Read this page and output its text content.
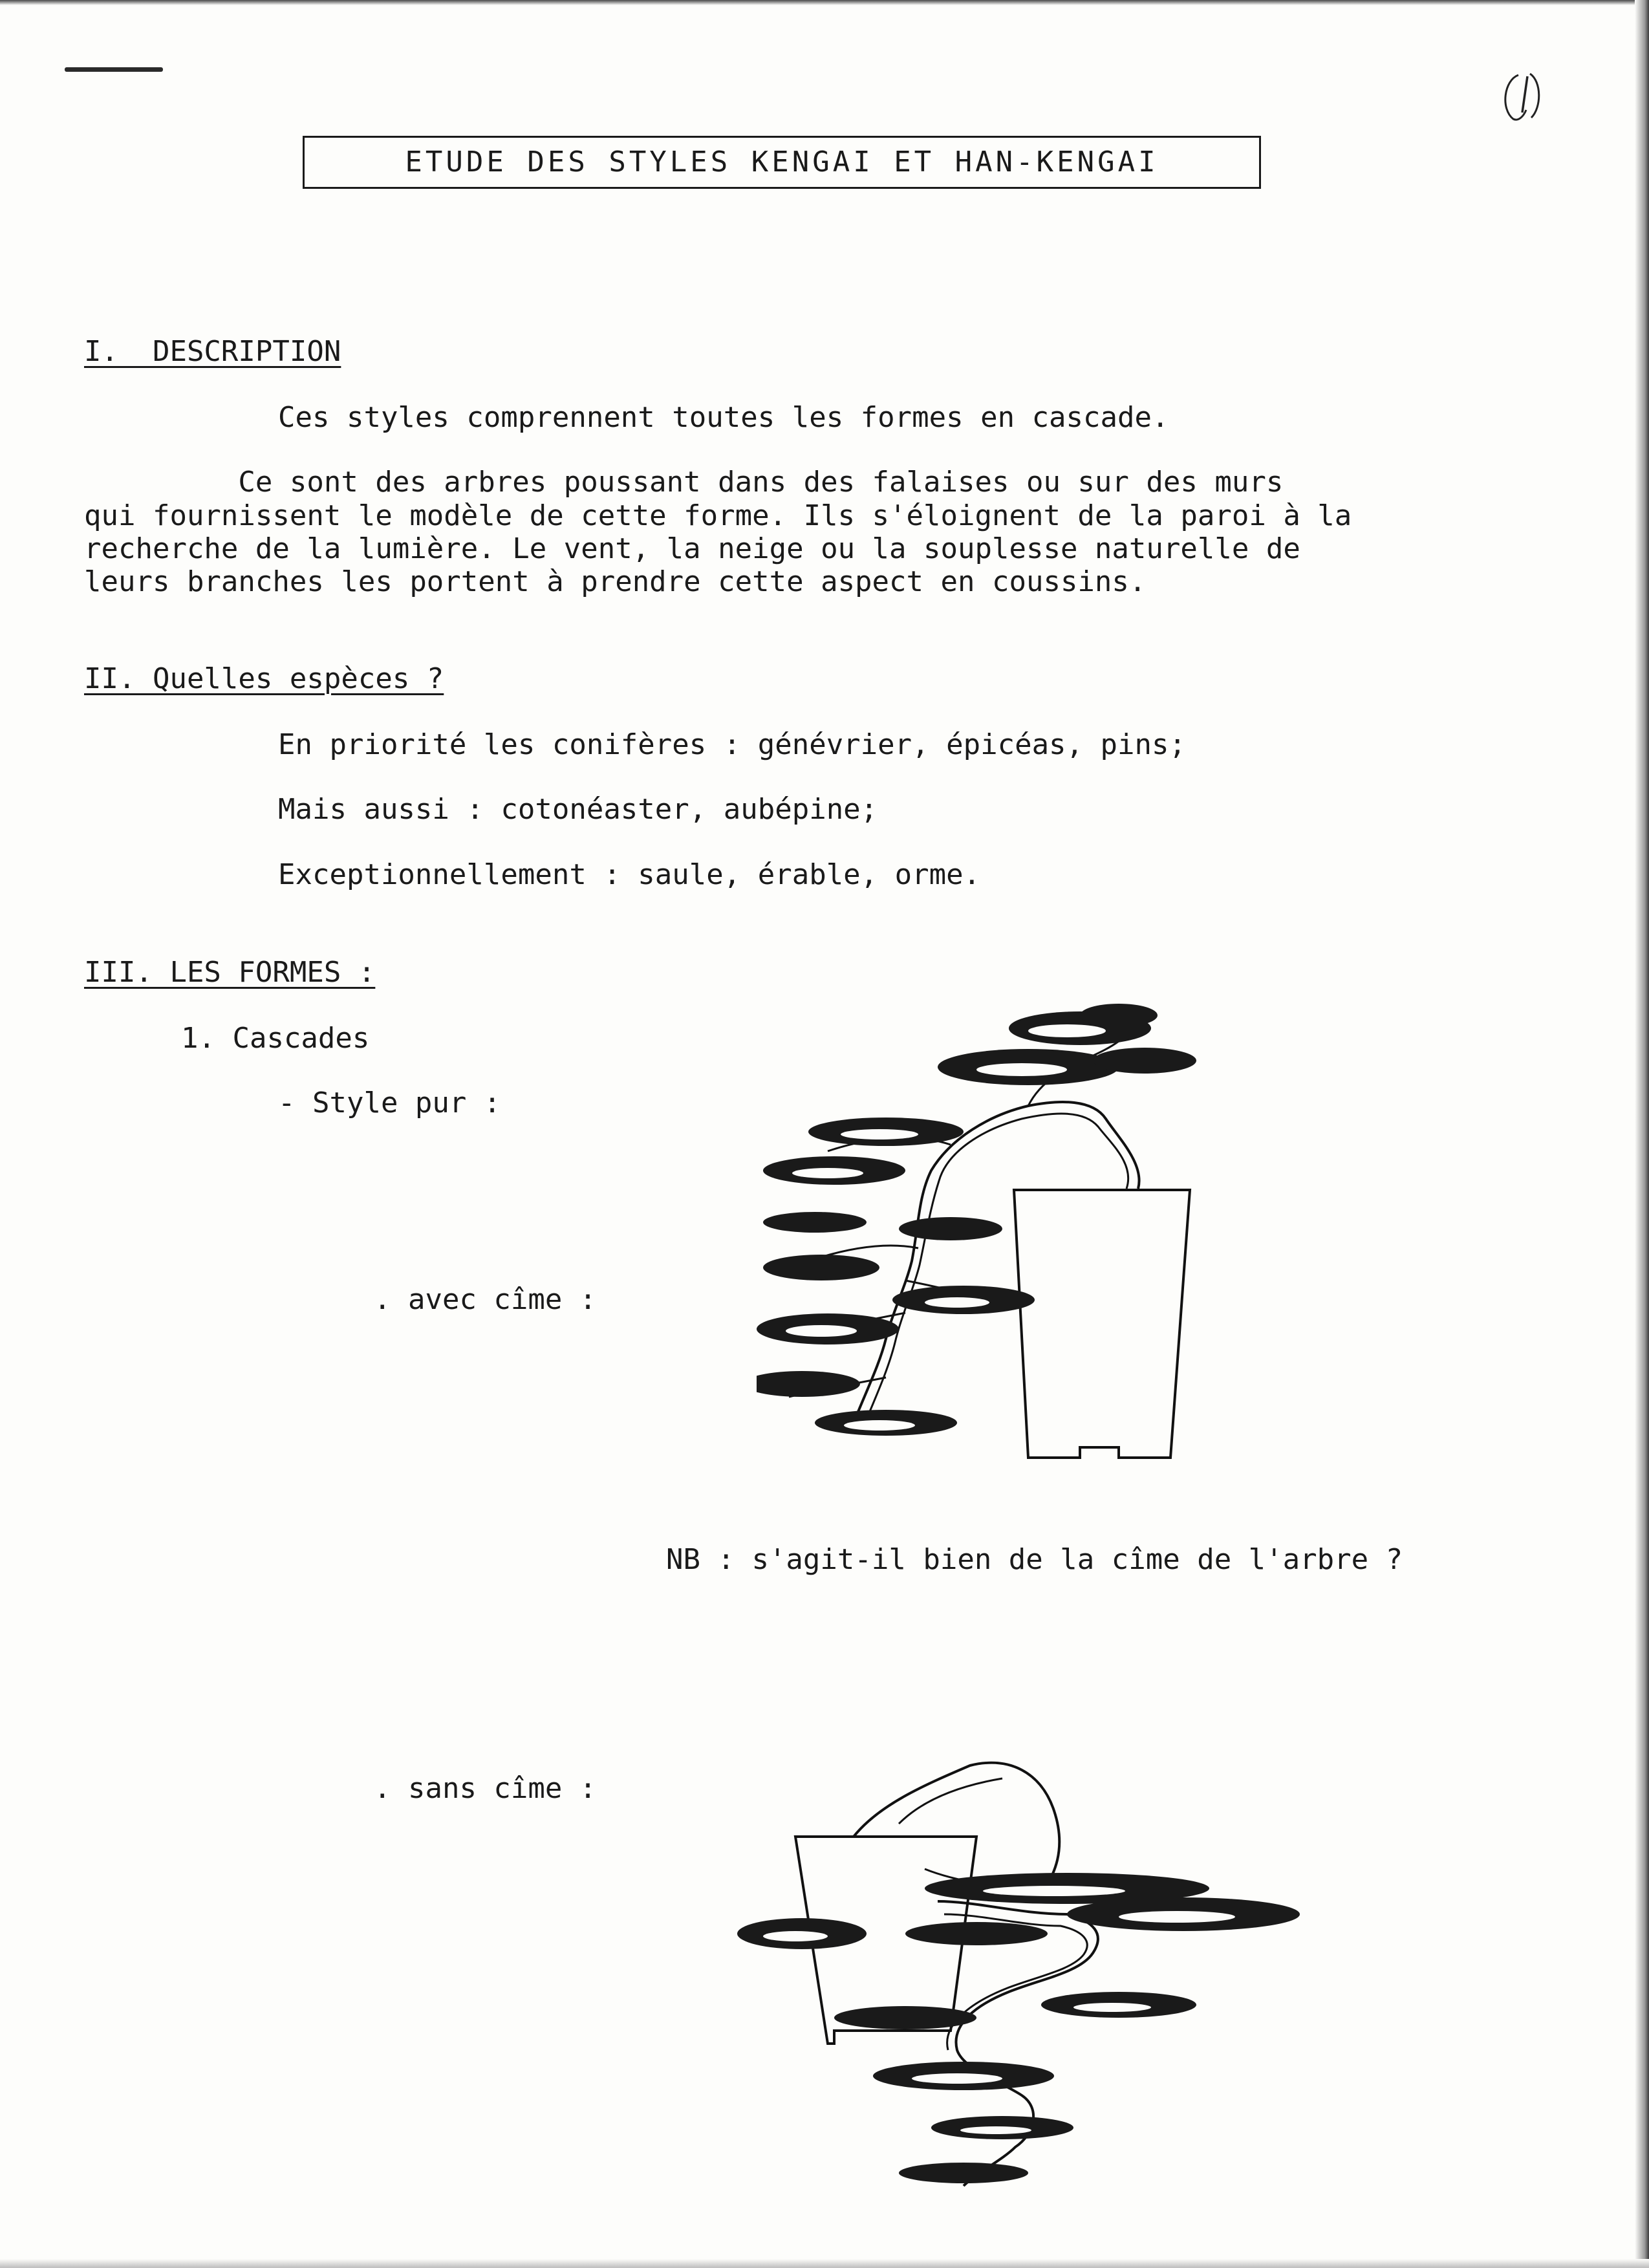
ETUDE DES STYLES KENGAI ET HAN-KENGAI
I.  DESCRIPTION
Ces styles comprennent toutes les formes en cascade.
Ce sont des arbres poussant dans des falaises ou sur des murs
qui fournissent le modèle de cette forme. Ils s'éloignent de la paroi à la
recherche de la lumière. Le vent, la neige ou la souplesse naturelle de
leurs branches les portent à prendre cette aspect en coussins.
II. Quelles espèces ?
En priorité les conifères : génévrier, épicéas, pins;
Mais aussi : cotonéaster, aubépine;
Exceptionnellement : saule, érable, orme.
III. LES FORMES :
1. Cascades
- Style pur :
. avec cîme :
NB : s'agit-il bien de la cîme de l'arbre ?
. sans cîme :
